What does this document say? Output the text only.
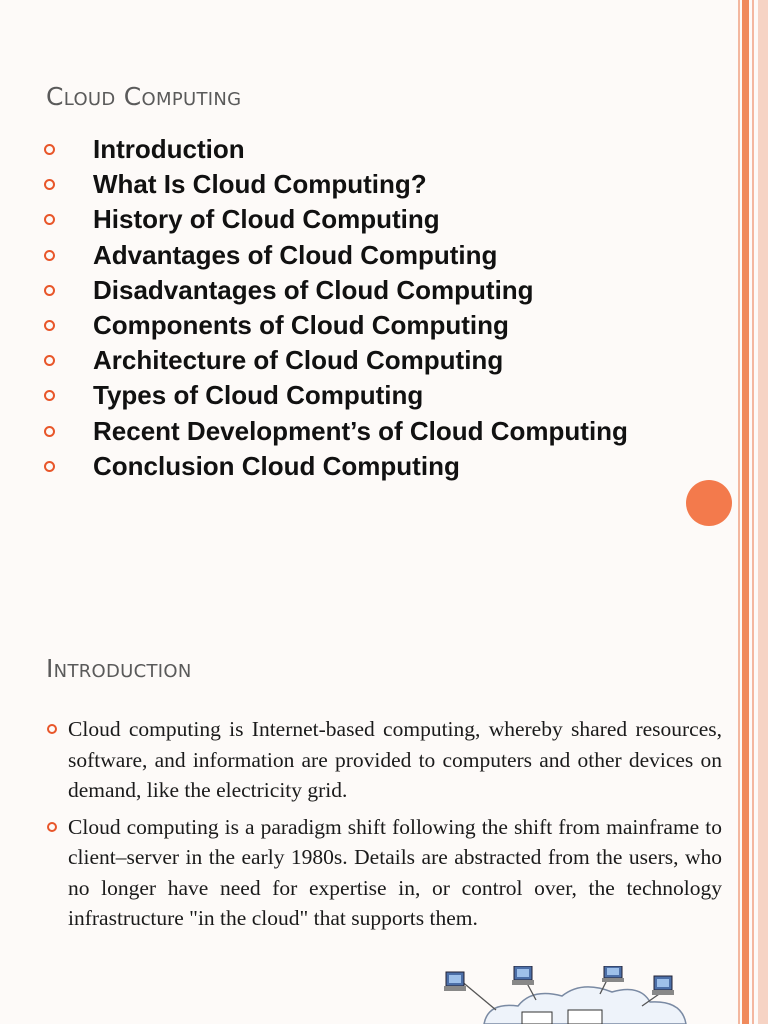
Cloud Computing
Introduction
What Is Cloud Computing?
History of Cloud Computing
Advantages of Cloud Computing
Disadvantages of Cloud Computing
Components of Cloud Computing
Architecture of Cloud Computing
Types of Cloud Computing
Recent Development’s of Cloud Computing
Conclusion Cloud Computing
Introduction

Cloud computing is Internet-based computing, whereby shared resources, software, and information are provided to computers and other devices on demand, like the electricity grid.

Cloud computing is a paradigm shift following the shift from mainframe to client–server in the early 1980s. Details are abstracted from the users, who no longer have need for expertise in, or control over, the technology infrastructure "in the cloud" that supports them.
